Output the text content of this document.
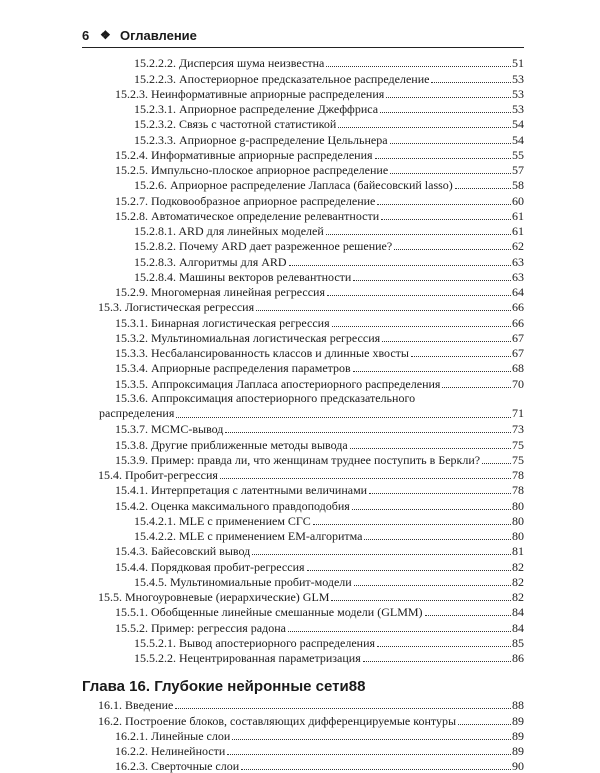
6 ❖ Оглавление
15.2.2.2. Дисперсия шума неизвестна	51
15.2.2.3. Апостериорное предсказательное распределение	53
15.2.3. Неинформативные априорные распределения	53
15.2.3.1. Априорное распределение Джеффриса	53
15.2.3.2. Связь с частотной статистикой	54
15.2.3.3. Априорное g-распределение Цельльнера	54
15.2.4. Информативные априорные распределения	55
15.2.5. Импульсно-плоское априорное распределение	57
15.2.6. Априорное распределение Лапласа (байесовский lasso)	58
15.2.7. Подковообразное априорное распределение	60
15.2.8. Автоматическое определение релевантности	61
15.2.8.1. ARD для линейных моделей	61
15.2.8.2. Почему ARD дает разреженное решение?	62
15.2.8.3. Алгоритмы для ARD	63
15.2.8.4. Машины векторов релевантности	63
15.2.9. Многомерная линейная регрессия	64
15.3. Логистическая регрессия	66
15.3.1. Бинарная логистическая регрессия	66
15.3.2. Мультиномиальная логистическая регрессия	67
15.3.3. Несбалансированность классов и длинные хвосты	67
15.3.4. Априорные распределения параметров	68
15.3.5. Аппроксимация Лапласа апостериорного распределения	70
15.3.6. Аппроксимация апостериорного предсказательного
распределения	71
15.3.7. MCMC-вывод	73
15.3.8. Другие приближенные методы вывода	75
15.3.9. Пример: правда ли, что женщинам труднее поступить в Беркли?	75
15.4. Пробит-регрессия	78
15.4.1. Интерпретация с латентными величинами	78
15.4.2. Оценка максимального правдоподобия	80
15.4.2.1. MLE с применением СГС	80
15.4.2.2. MLE с применением EM-алгоритма	80
15.4.3. Байесовский вывод	81
15.4.4. Порядковая пробит-регрессия	82
15.4.5. Мультиномиальные пробит-модели	82
15.5. Многоуровневые (иерархические) GLM	82
15.5.1. Обобщенные линейные смешанные модели (GLMM)	84
15.5.2. Пример: регрессия радона	84
15.5.2.1. Вывод апостериорного распределения	85
15.5.2.2. Нецентрированная параметризация	86
Глава 16. Глубокие нейронные сети 88
16.1. Введение	88
16.2. Построение блоков, составляющих дифференцируемые контуры	89
16.2.1. Линейные слои	89
16.2.2. Нелинейности	89
16.2.3. Сверточные слои	90
